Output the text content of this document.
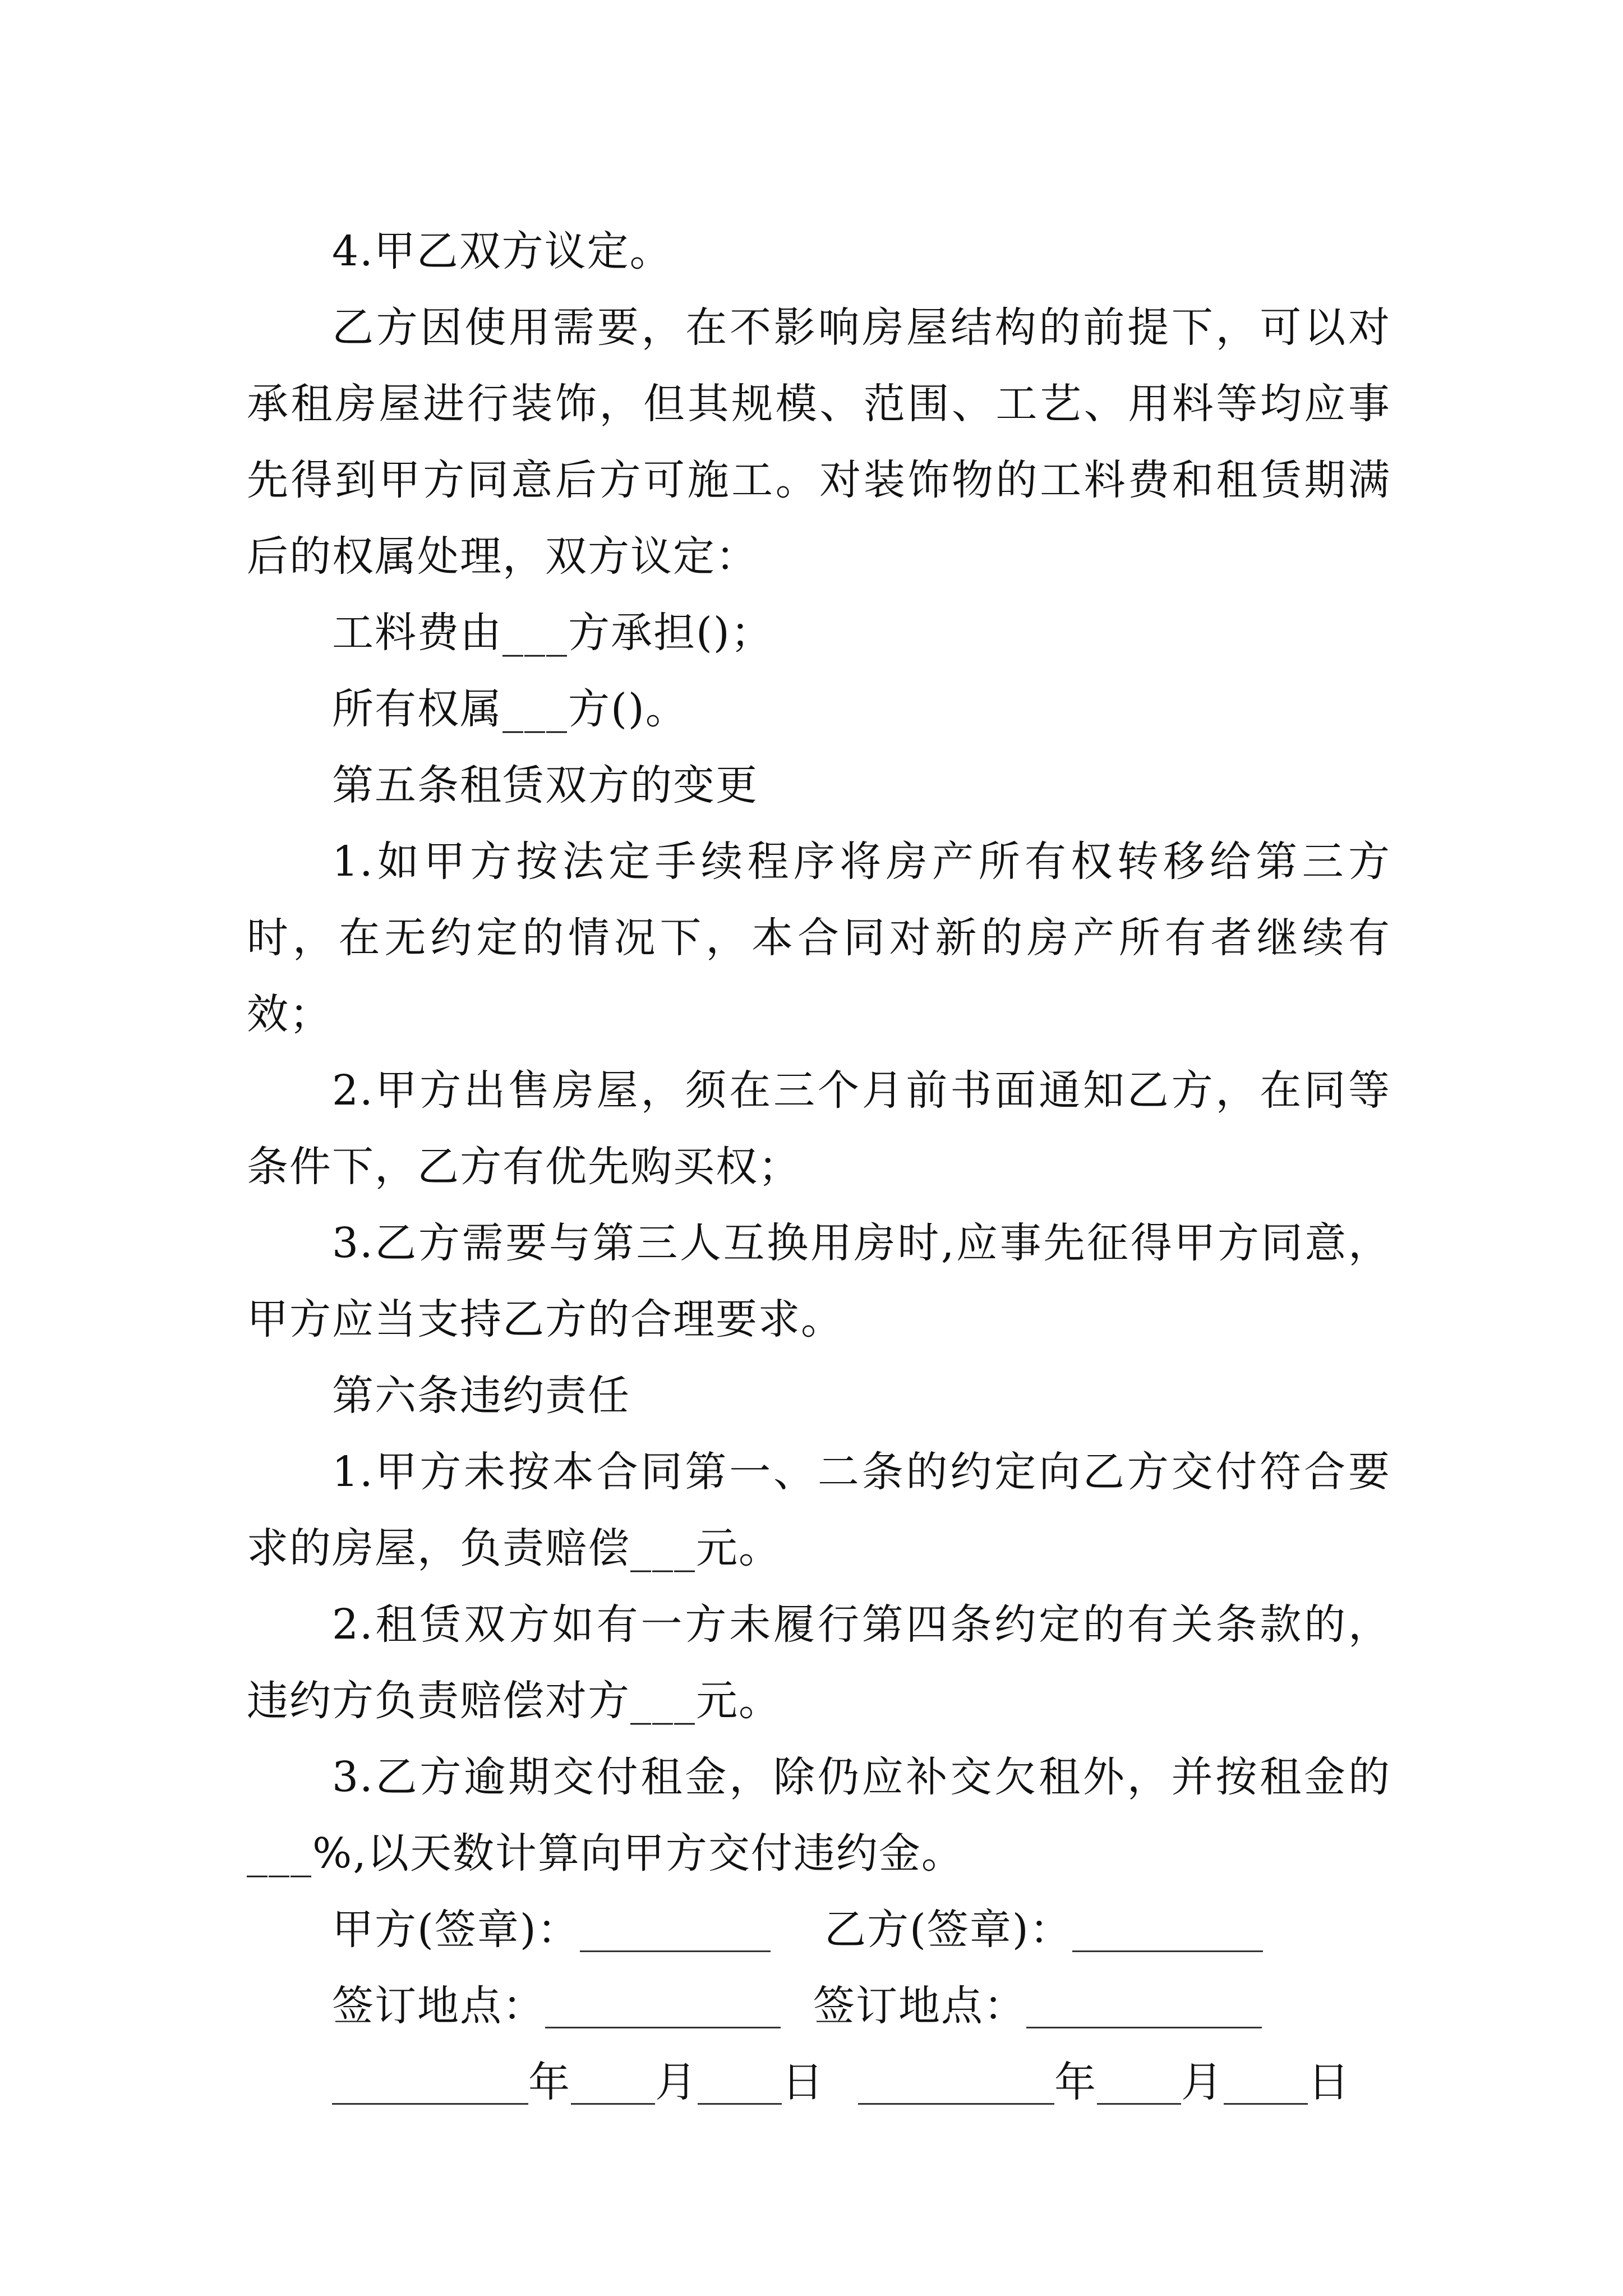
4.甲乙双方议定。

乙方因使用需要，在不影响房屋结构的前提下，可以对承租房屋进行装饰，但其规模、范围、工艺、用料等均应事先得到甲方同意后方可施工。对装饰物的工料费和租赁期满后的权属处理，双方议定：

工料费由___方承担()；

所有权属___方()。

第五条租赁双方的变更

1.如甲方按法定手续程序将房产所有权转移给第三方时，在无约定的情况下，本合同对新的房产所有者继续有效；

2.甲方出售房屋，须在三个月前书面通知乙方，在同等条件下，乙方有优先购买权；

3.乙方需要与第三人互换用房时,应事先征得甲方同意，甲方应当支持乙方的合理要求。

第六条违约责任

1.甲方未按本合同第一、二条的约定向乙方交付符合要求的房屋，负责赔偿___元。

2.租赁双方如有一方未履行第四条约定的有关条款的，违约方负责赔偿对方___元。

3.乙方逾期交付租金，除仍应补交欠租外，并按租金的___%,以天数计算向甲方交付违约金。

甲方(签章)：	乙方(签章)：
签订地点：	签订地点：
年 月 日	年 月 日
